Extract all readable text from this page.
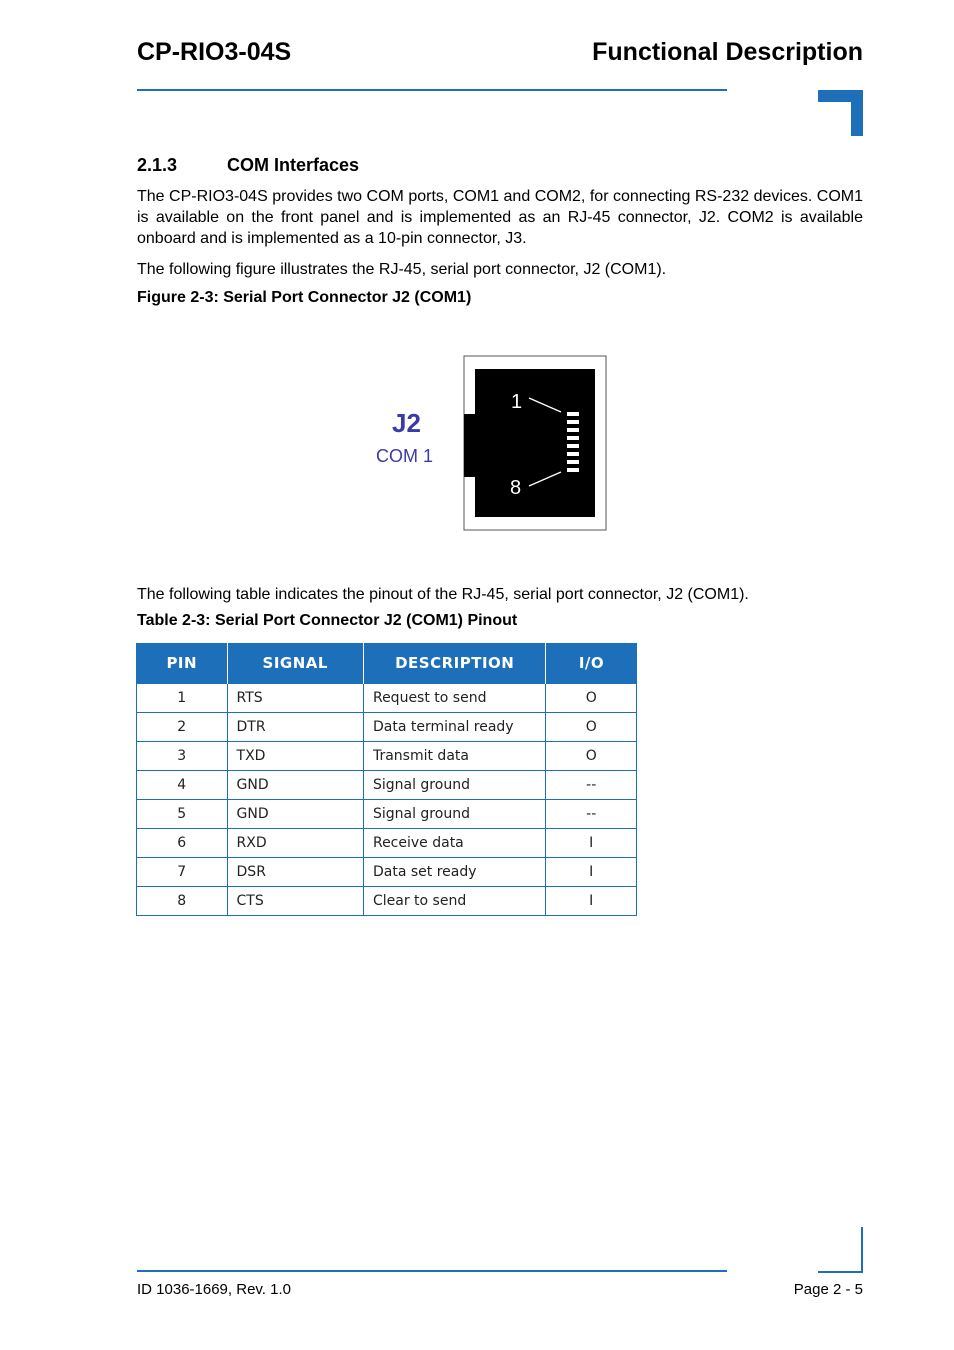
CP-RIO3-04S	Functional Description
2.1.3	COM Interfaces
The CP-RIO3-04S provides two COM ports, COM1 and COM2, for connecting RS-232 devices. COM1 is available on the front panel and is implemented as an RJ-45 connector, J2. COM2 is available onboard and is implemented as a 10-pin connector, J3.
The following figure illustrates the RJ-45, serial port connector, J2 (COM1).
Figure 2-3: Serial Port Connector J2 (COM1)
J2
COM 1
1
8
The following table indicates the pinout of the RJ-45, serial port connector, J2 (COM1).
Table 2-3: Serial Port Connector J2 (COM1) Pinout
PIN	SIGNAL	DESCRIPTION	I/O
1	RTS	Request to send	O
2	DTR	Data terminal ready	O
3	TXD	Transmit data	O
4	GND	Signal ground	--
5	GND	Signal ground	--
6	RXD	Receive data	I
7	DSR	Data set ready	I
8	CTS	Clear to send	I
ID 1036-1669, Rev. 1.0	Page 2 - 5
